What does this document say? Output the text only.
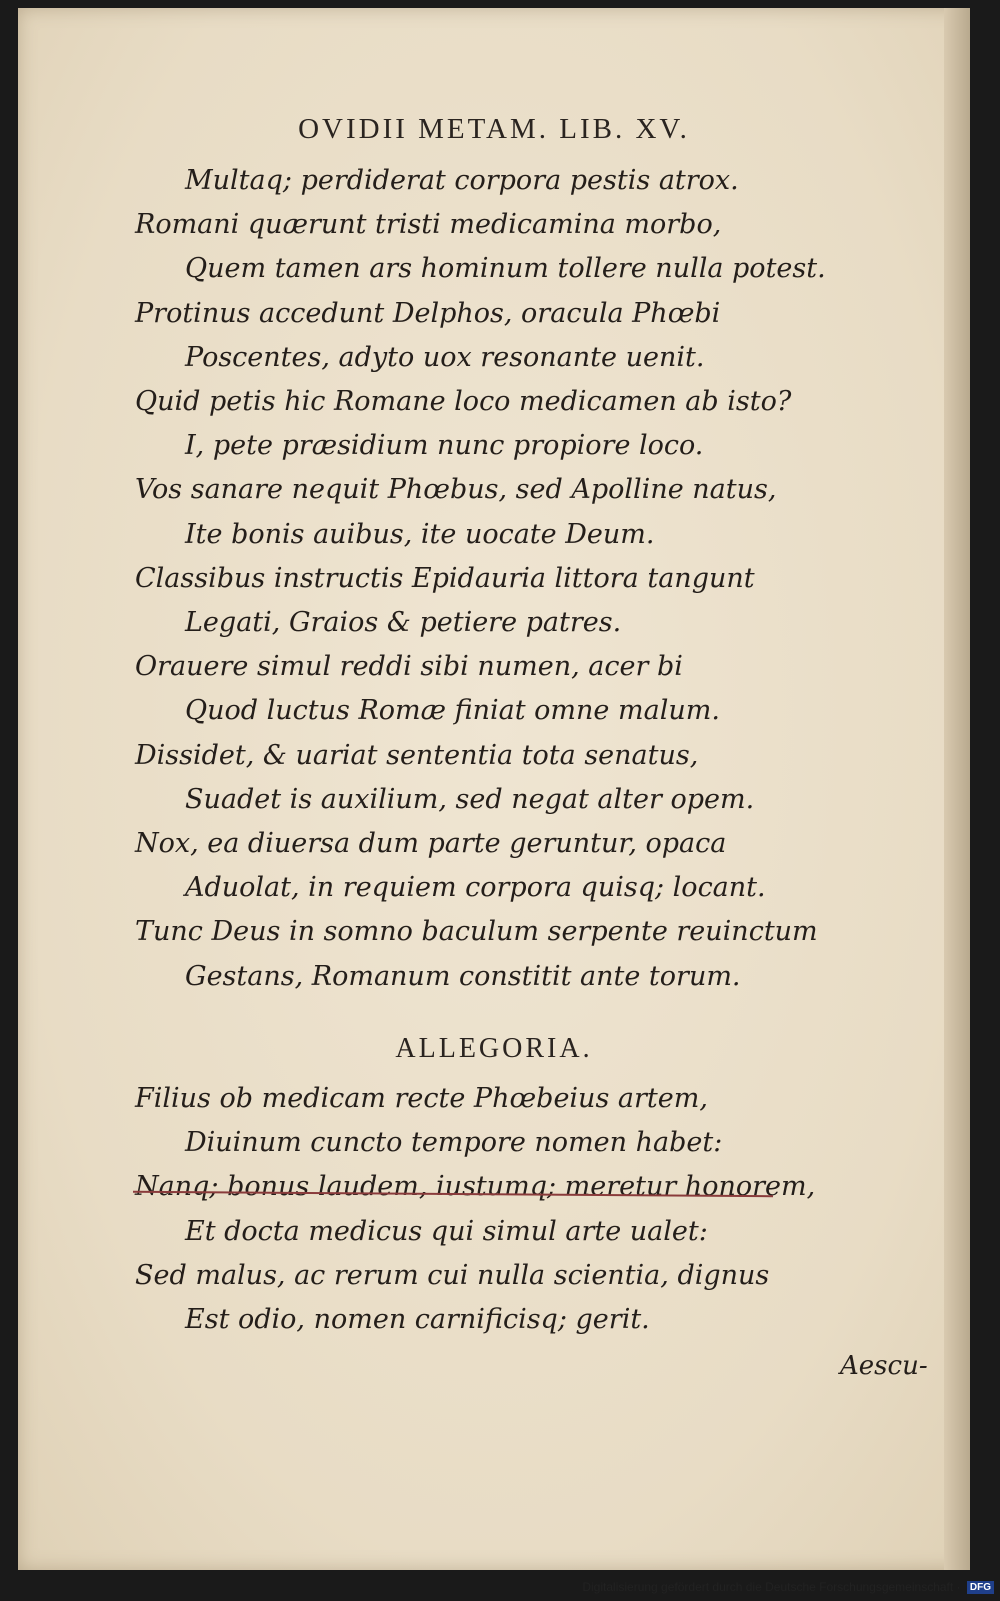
OVIDII METAM. LIB. XV.
Multaq; perdiderat corpora pestis atrox.
Romani quærunt tristi medicamina morbo,
Quem tamen ars hominum tollere nulla potest.
Protinus accedunt Delphos, oracula Phœbi
Poscentes, adyto uox resonante uenit.
Quid petis hic Romane loco medicamen ab isto?
I, pete præsidium nunc propiore loco.
Vos sanare nequit Phœbus, sed Apolline natus,
Ite bonis auibus, ite uocate Deum.
Classibus instructis Epidauria littora tangunt
Legati, Graios & petiere patres.
Orauere simul reddi sibi numen, acer bi
Quod luctus Romæ finiat omne malum.
Dissidet, & uariat sententia tota senatus,
Suadet is auxilium, sed negat alter opem.
Nox, ea diuersa dum parte geruntur, opaca
Aduolat, in requiem corpora quisq; locant.
Tunc Deus in somno baculum serpente reuinctum
Gestans, Romanum constitit ante torum.
ALLEGORIA.
Filius ob medicam recte Phœbeius artem,
Diuinum cuncto tempore nomen habet:
Nanq; bonus laudem, iustumq; meretur honorem,
Et docta medicus qui simul arte ualet:
Sed malus, ac rerum cui nulla scientia, dignus
Est odio, nomen carnificisq; gerit.
Aescu-
Digitalisierung gefördert durch die Deutsche Forschungsgemeinschaft · DFG
